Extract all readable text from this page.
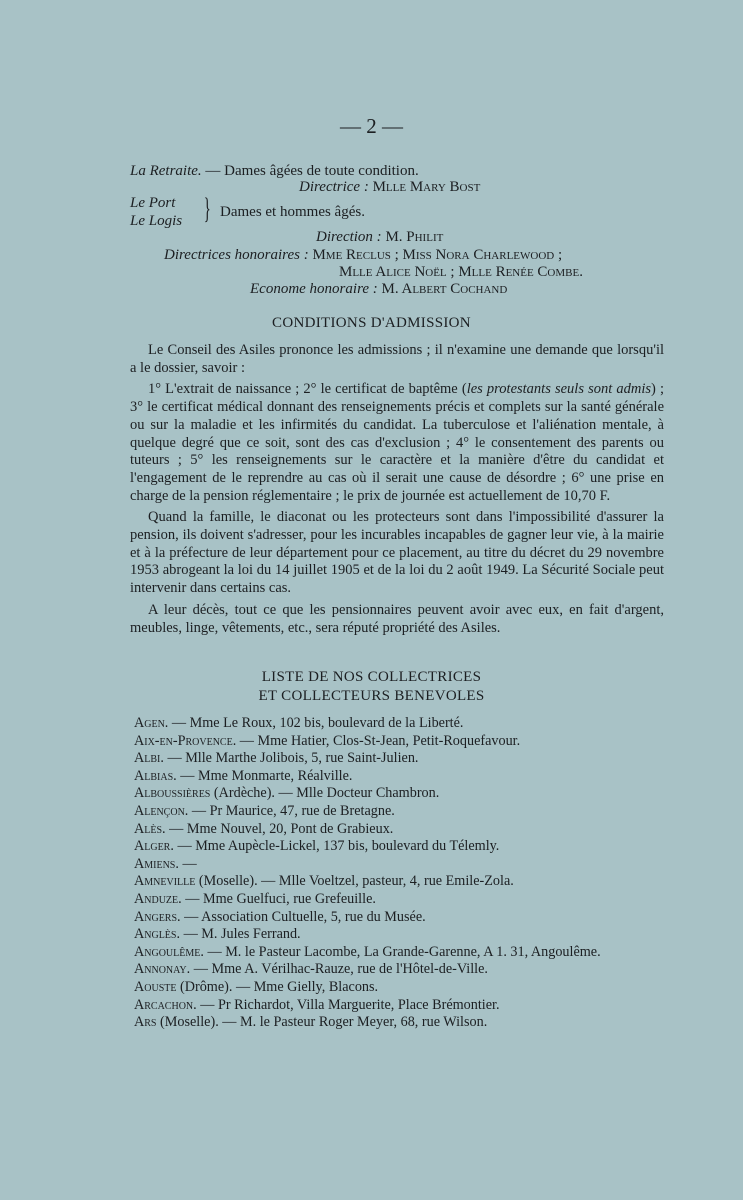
— 2 —
La Retraite. — Dames âgées de toute condition.
Directrice : Mlle Mary Bost
Le Port
Le Logis } Dames et hommes âgés.
Direction : M. Philit
Directrices honoraires : Mme Reclus ; Miss Nora Charlewood ;
Mlle Alice Noël ; Mlle Renée Combe.
Econome honoraire : M. Albert Cochand
CONDITIONS D'ADMISSION

Le Conseil des Asiles prononce les admissions ; il n'examine une demande que lorsqu'il a le dossier, savoir :

1° L'extrait de naissance ; 2° le certificat de baptême (les protestants seuls sont admis) ; 3° le certificat médical donnant des renseignements précis et complets sur la santé générale ou sur la maladie et les infirmités du candidat. La tuberculose et l'aliénation mentale, à quelque degré que ce soit, sont des cas d'exclusion ; 4° le consentement des parents ou tuteurs ; 5° les renseignements sur le caractère et la manière d'être du candidat et l'engagement de le reprendre au cas où il serait une cause de désordre ; 6° une prise en charge de la pension réglementaire ; le prix de journée est actuellement de 10,70 F.

Quand la famille, le diaconat ou les protecteurs sont dans l'impossibilité d'assurer la pension, ils doivent s'adresser, pour les incurables incapables de gagner leur vie, à la mairie et à la préfecture de leur département pour ce placement, au titre du décret du 29 novembre 1953 abrogeant la loi du 14 juillet 1905 et de la loi du 2 août 1949. La Sécurité Sociale peut intervenir dans certains cas.

A leur décès, tout ce que les pensionnaires peuvent avoir avec eux, en fait d'argent, meubles, linge, vêtements, etc., sera réputé propriété des Asiles.

LISTE DE NOS COLLECTRICES
ET COLLECTEURS BENEVOLES
Agen. — Mme Le Roux, 102 bis, boulevard de la Liberté.
Aix-en-Provence. — Mme Hatier, Clos-St-Jean, Petit-Roquefavour.
Albi. — Mlle Marthe Jolibois, 5, rue Saint-Julien.
Albias. — Mme Monmarte, Réalville.
Alboussières (Ardèche). — Mlle Docteur Chambron.
Alençon. — Pr Maurice, 47, rue de Bretagne.
Alès. — Mme Nouvel, 20, Pont de Grabieux.
Alger. — Mme Aupècle-Lickel, 137 bis, boulevard du Télemly.
Amiens. —
Amneville (Moselle). — Mlle Voeltzel, pasteur, 4, rue Emile-Zola.
Anduze. — Mme Guelfuci, rue Grefeuille.
Angers. — Association Cultuelle, 5, rue du Musée.
Anglès. — M. Jules Ferrand.
Angoulême. — M. le Pasteur Lacombe, La Grande-Garenne, A 1. 31, Angoulême.
Annonay. — Mme A. Vérilhac-Rauze, rue de l'Hôtel-de-Ville.
Aouste (Drôme). — Mme Gielly, Blacons.
Arcachon. — Pr Richardot, Villa Marguerite, Place Brémontier.
Ars (Moselle). — M. le Pasteur Roger Meyer, 68, rue Wilson.
